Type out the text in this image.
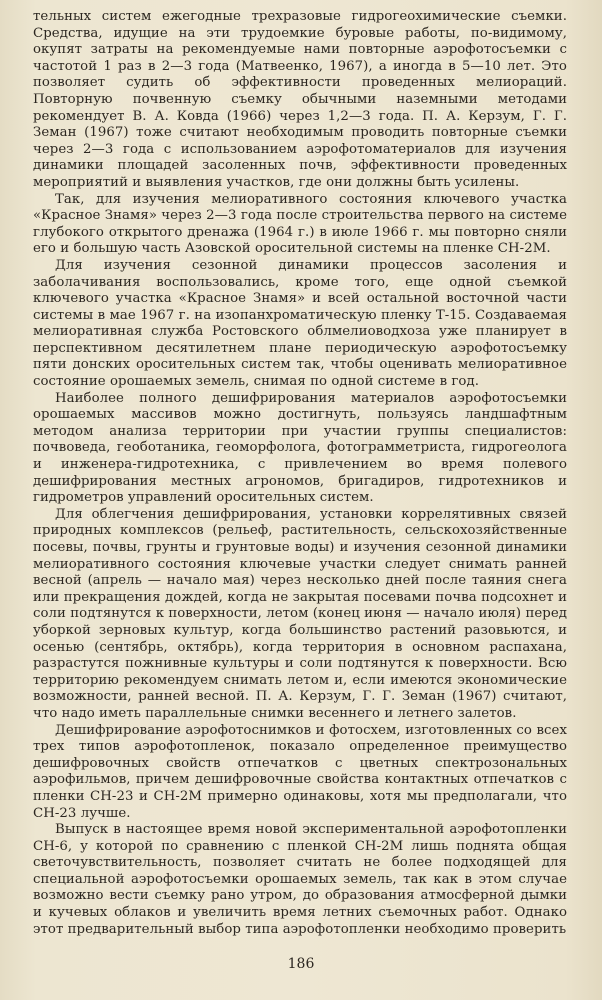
тельных систем ежегодные трехразовые гидрогеохимические съемки. Средства, идущие на эти трудоемкие буровые работы, по-видимому, окупят затраты на рекомендуемые нами повторные аэрофотосъемки с частотой 1 раз в 2—3 года (Матвеенко, 1967), а иногда в 5—10 лет. Это позволяет судить об эффективности проведенных мелиораций. Повторную почвенную съемку обычными наземными методами рекомендует В. А. Ковда (1966) через 1,2—3 года. П. А. Керзум, Г. Г. Земан (1967) тоже считают необходимым проводить повторные съемки через 2—3 года с использованием аэрофотоматериалов для изучения динамики площадей засоленных почв, эффективности проведенных мероприятий и выявления участков, где они должны быть усилены.

Так, для изучения мелиоративного состояния ключевого участка «Красное Знамя» через 2—3 года после строительства первого на системе глубокого открытого дренажа (1964 г.) в июле 1966 г. мы повторно сняли его и большую часть Азовской оросительной системы на пленке СН-2М.

Для изучения сезонной динамики процессов засоления и заболачивания воспользовались, кроме того, еще одной съемкой ключевого участка «Красное Знамя» и всей остальной восточной части системы в мае 1967 г. на изопанхроматическую пленку Т-15. Создаваемая мелиоративная служба Ростовского облмелиоводхоза уже планирует в перспективном десятилетнем плане периодическую аэрофотосъемку пяти донских оросительных систем так, чтобы оценивать мелиоративное состояние орошаемых земель, снимая по одной системе в год.

Наиболее полного дешифрирования материалов аэрофотосъемки орошаемых массивов можно достигнуть, пользуясь ландшафтным методом анализа территории при участии группы специалистов: почвоведа, геоботаника, геоморфолога, фотограмметриста, гидрогеолога и инженера-гидротехника, с привлечением во время полевого дешифрирования местных агрономов, бригадиров, гидротехников и гидрометров управлений оросительных систем.

Для облегчения дешифрирования, установки коррелятивных связей природных комплексов (рельеф, растительность, сельскохозяйственные посевы, почвы, грунты и грунтовые воды) и изучения сезонной динамики мелиоративного состояния ключевые участки следует снимать ранней весной (апрель — начало мая) через несколько дней после таяния снега или прекращения дождей, когда не закрытая посевами почва подсохнет и соли подтянутся к поверхности, летом (конец июня — начало июля) перед уборкой зерновых культур, когда большинство растений разовьются, и осенью (сентябрь, октябрь), когда территория в основном распахана, разрастутся пожнивные культуры и соли подтянутся к поверхности. Всю территорию рекомендуем снимать летом и, если имеются экономические возможности, ранней весной. П. А. Керзум, Г. Г. Земан (1967) считают, что надо иметь параллельные снимки весеннего и летнего залетов.

Дешифрирование аэрофотоснимков и фотосхем, изготовленных со всех трех типов аэрофотопленок, показало определенное преимущество дешифровочных свойств отпечатков с цветных спектрозональных аэрофильмов, причем дешифровочные свойства контактных отпечатков с пленки СН-23 и СН-2М примерно одинаковы, хотя мы предполагали, что СН-23 лучше.

Выпуск в настоящее время новой экспериментальной аэрофотопленки СН-6, у которой по сравнению с пленкой СН-2М лишь поднята общая светочувствительность, позволяет считать не более подходящей для специальной аэрофотосъемки орошаемых земель, так как в этом случае возможно вести съемку рано утром, до образования атмосферной дымки и кучевых облаков и увеличить время летних съемочных работ. Однако этот предварительный выбор типа аэрофотопленки необходимо проверить

186
